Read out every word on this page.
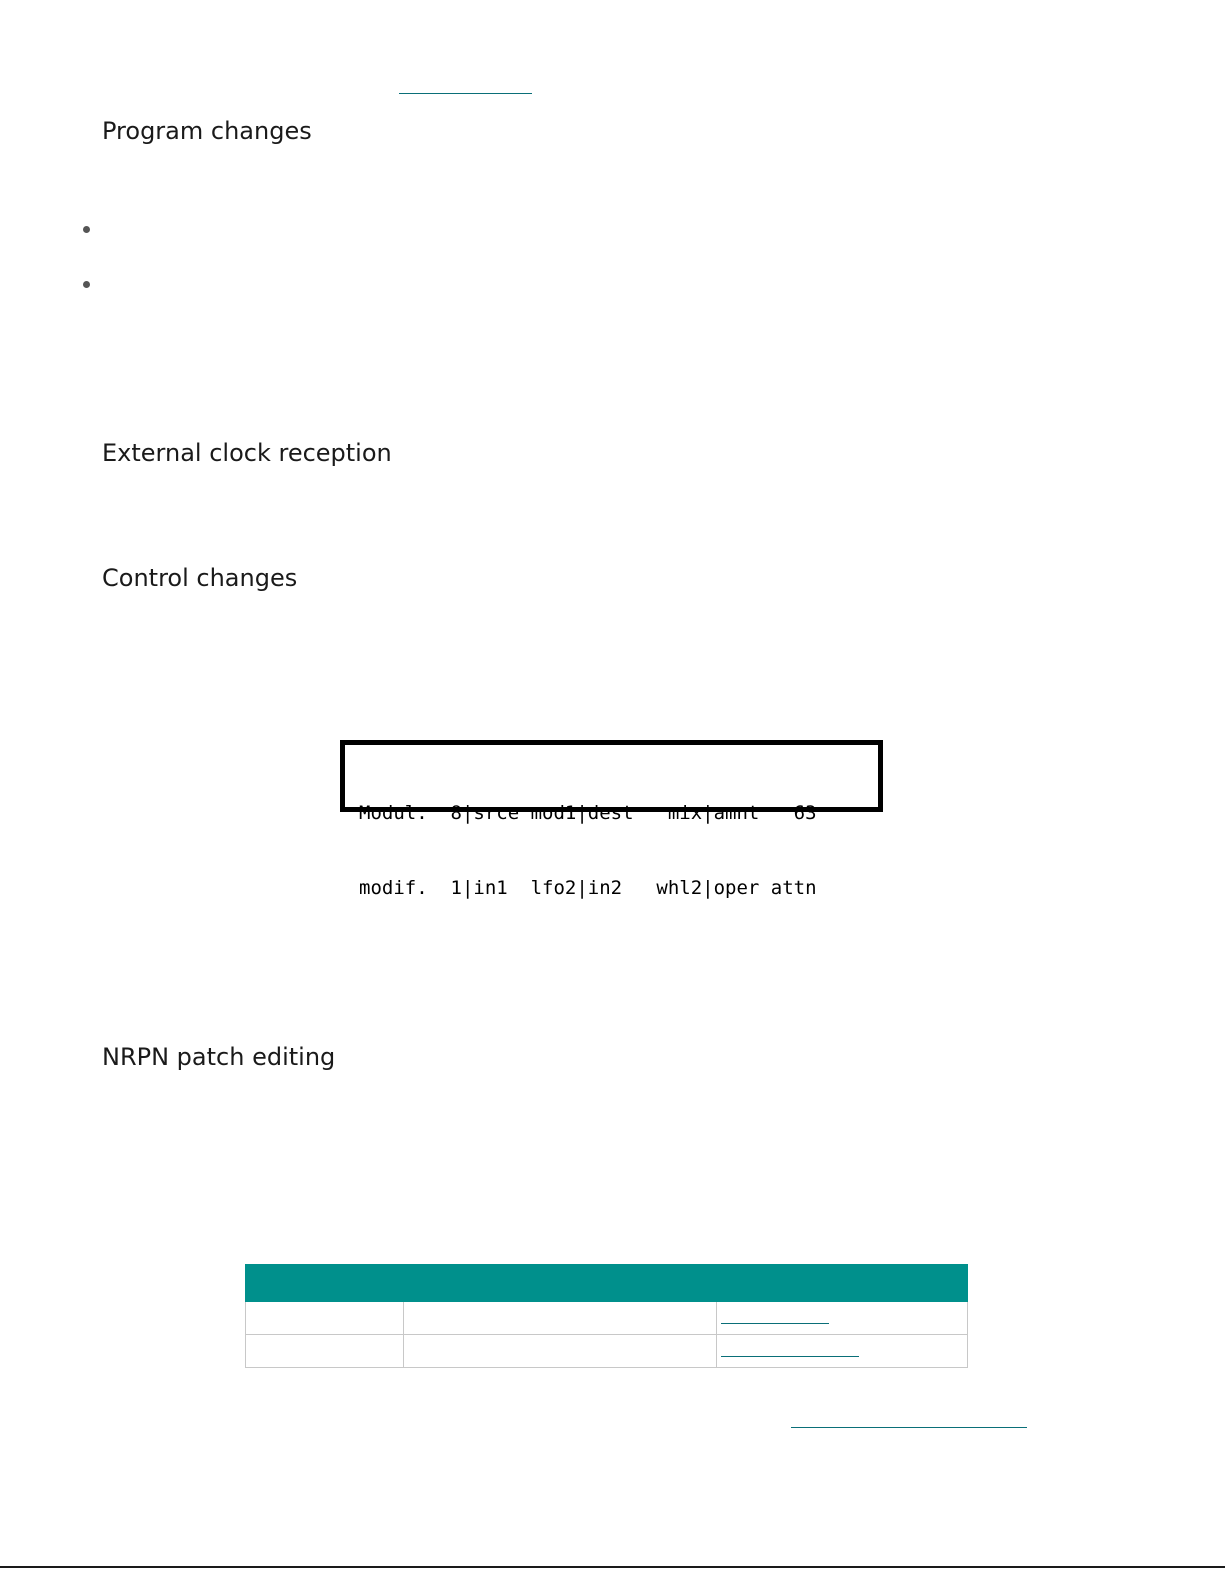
Program changes
External clock reception
Control changes

Modul.  8|srce mod1|dest   mix|amnt   63

modif.  1|in1  lfo2|in2   whl2|oper attn

NRPN patch editing
